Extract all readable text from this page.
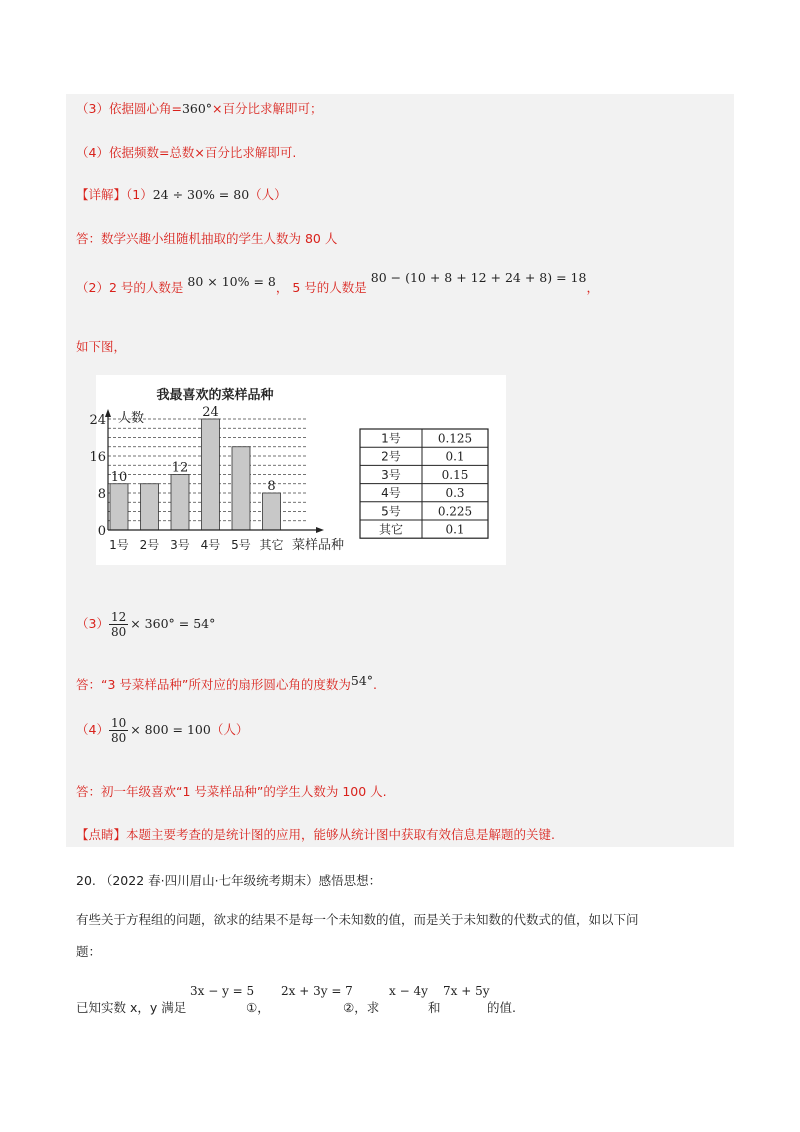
（3）依据圆心角=360°×百分比求解即可；
（4）依据频数=总数×百分比求解即可.
【详解】（1）24 ÷ 30% = 80（人）
答：数学兴趣小组随机抽取的学生人数为 80 人
（2）2 号的人数是 80 × 10% = 8， 5 号的人数是 80 − (10 + 8 + 12 + 24 + 8) = 18，
如下图，
我最喜欢的菜样品种
人数
菜样品种
10
12
24
8
0
8
16
24
1号 2号 3号 4号 5号 其它
1号	0.125
2号	0.1
3号	0.15
4号	0.3
5号	0.225
其它	0.1
$(3) \frac{12}{80} \times 360^\circ = 54^\circ$
答：“3 号菜样品种”所对应的扇形圆心角的度数为54°.
$(4) \frac{10}{80} \times 800 = 100$（人）
答：初一年级喜欢“1 号菜样品种”的学生人数为 100 人.
【点睛】本题主要考查的是统计图的应用，能够从统计图中获取有效信息是解题的关键.
20. （2022 春·四川眉山·七年级统考期末）感悟思想：
有些关于方程组的问题，欲求的结果不是每一个未知数的值，而是关于未知数的代数式的值，如以下问
题：
已知实数 x，y 满足
3x − y = 5
①，
2x + 3y = 7
②，求
x − 4y
和
7x + 5y
的值.
